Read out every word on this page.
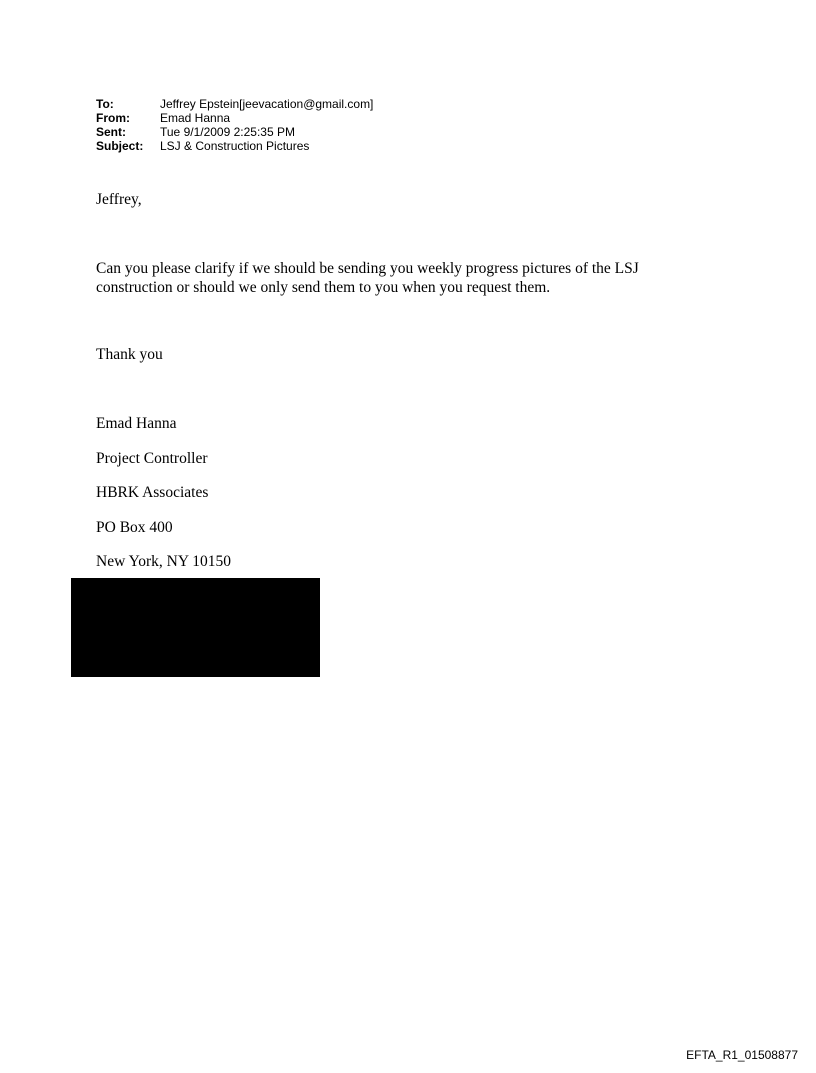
To:	Jeffrey Epstein[jeevacation@gmail.com]
From:	Emad Hanna
Sent:	Tue 9/1/2009 2:25:35 PM
Subject:	LSJ & Construction Pictures
Jeffrey,
Can you please clarify if we should be sending you weekly progress pictures of the LSJ
construction or should we only send them to you when you request them.
Thank you
Emad Hanna
Project Controller
HBRK Associates
PO Box 400
New York, NY 10150
EFTA_R1_01508877
